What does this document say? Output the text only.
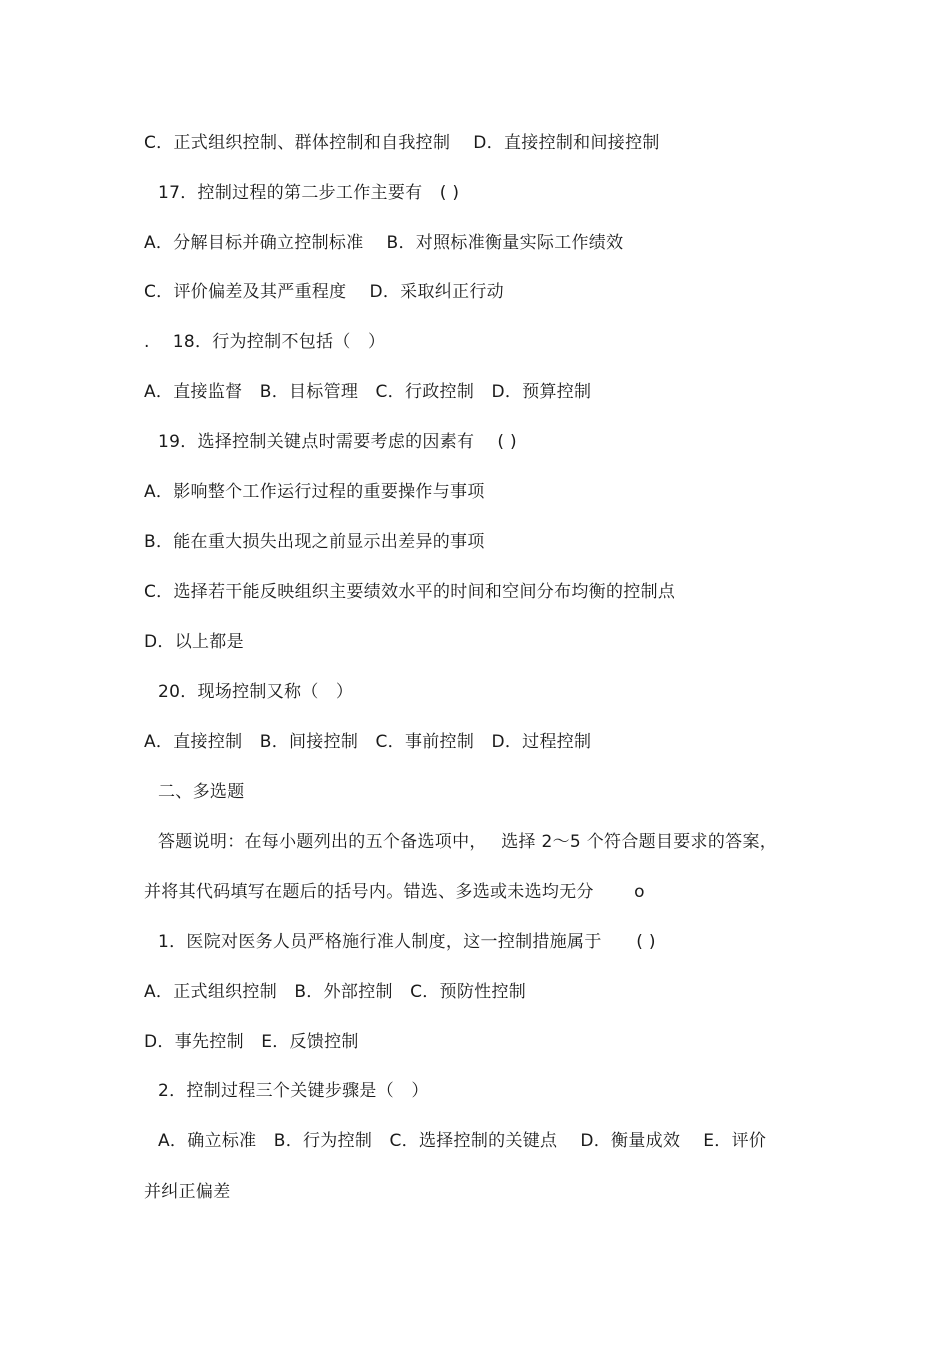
C．正式组织控制、群体控制和自我控制　 D．直接控制和间接控制
17．控制过程的第二步工作主要有　( )
A．分解目标并确立控制标准　 B．对照标准衡量实际工作绩效
C．评价偏差及其严重程度　 D．采取纠正行动
.　 18．行为控制不包括（　）
A．直接监督　B．目标管理　C．行政控制　D．预算控制
19．选择控制关键点时需要考虑的因素有　 ( )
A．影响整个工作运行过程的重要操作与事项
B．能在重大损失出现之前显示出差异的事项
C．选择若干能反映组织主要绩效水平的时间和空间分布均衡的控制点
D．以上都是
20．现场控制又称（　）
A．直接控制　B．间接控制　C．事前控制　D．过程控制
二、多选题
答题说明：在每小题列出的五个备选项中，　 选择 2～5 个符合题目要求的答案，
并将其代码填写在题后的括号内。错选、多选或未选均无分　　 o
1．医院对医务人员严格施行准人制度，这一控制措施属于　　( )
A．正式组织控制　B．外部控制　C．预防性控制
D．事先控制　E．反馈控制
2．控制过程三个关键步骤是（　）
A．确立标准　B．行为控制　C．选择控制的关键点　 D．衡量成效　 E．评价
并纠正偏差
